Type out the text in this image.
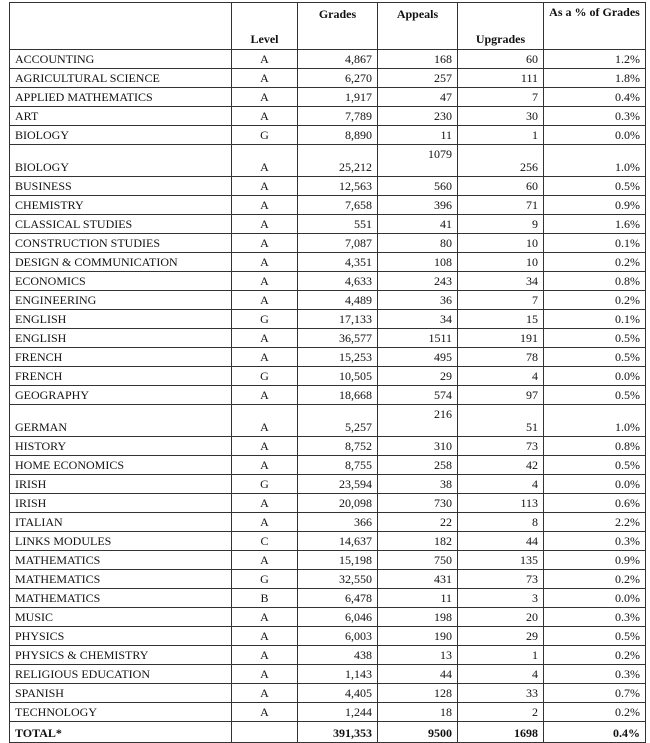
	Level	Grades	Appeals	Upgrades	As a % of Grades
ACCOUNTING	A	4,867	168	60	1.2%
AGRICULTURAL SCIENCE	A	6,270	257	111	1.8%
APPLIED MATHEMATICS	A	1,917	47	7	0.4%
ART	A	7,789	230	30	0.3%
BIOLOGY	G	8,890	11	1	0.0%
BIOLOGY	A	25,212	1079	256	1.0%
BUSINESS	A	12,563	560	60	0.5%
CHEMISTRY	A	7,658	396	71	0.9%
CLASSICAL STUDIES	A	551	41	9	1.6%
CONSTRUCTION STUDIES	A	7,087	80	10	0.1%
DESIGN & COMMUNICATION	A	4,351	108	10	0.2%
ECONOMICS	A	4,633	243	34	0.8%
ENGINEERING	A	4,489	36	7	0.2%
ENGLISH	G	17,133	34	15	0.1%
ENGLISH	A	36,577	1511	191	0.5%
FRENCH	A	15,253	495	78	0.5%
FRENCH	G	10,505	29	4	0.0%
GEOGRAPHY	A	18,668	574	97	0.5%
GERMAN	A	5,257	216	51	1.0%
HISTORY	A	8,752	310	73	0.8%
HOME ECONOMICS	A	8,755	258	42	0.5%
IRISH	G	23,594	38	4	0.0%
IRISH	A	20,098	730	113	0.6%
ITALIAN	A	366	22	8	2.2%
LINKS MODULES	C	14,637	182	44	0.3%
MATHEMATICS	A	15,198	750	135	0.9%
MATHEMATICS	G	32,550	431	73	0.2%
MATHEMATICS	B	6,478	11	3	0.0%
MUSIC	A	6,046	198	20	0.3%
PHYSICS	A	6,003	190	29	0.5%
PHYSICS & CHEMISTRY	A	438	13	1	0.2%
RELIGIOUS EDUCATION	A	1,143	44	4	0.3%
SPANISH	A	4,405	128	33	0.7%
TECHNOLOGY	A	1,244	18	2	0.2%
TOTAL*		391,353	9500	1698	0.4%
